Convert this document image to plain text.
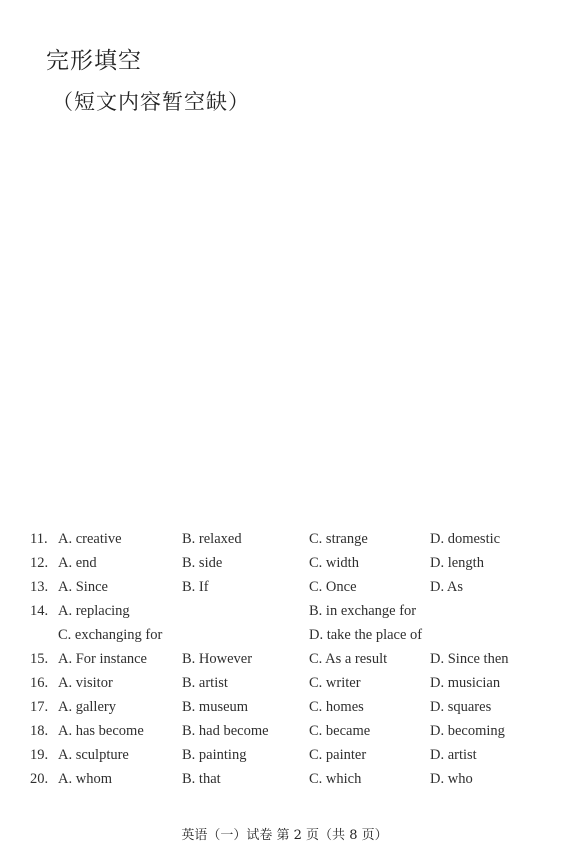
完形填空
（短文内容暂空缺）
11. A. creative	B. relaxed	C. strange	D. domestic
12. A. end	B. side	C. width	D. length
13. A. Since	B. If	C. Once	D. As
14. A. replacing	B. in exchange for
C. exchanging for	D. take the place of
15. A. For instance B. However	C. As a result	D. Since then
16. A. visitor	B. artist	C. writer	D. musician
17. A. gallery	B. museum	C. homes	D. squares
18. A. has become	B. had become	C. became	D. becoming
19. A. sculpture	B. painting	C. painter	D. artist
20. A. whom	B. that	C. which	D. who
英语（一）试卷 第 2 页（共 8 页）
